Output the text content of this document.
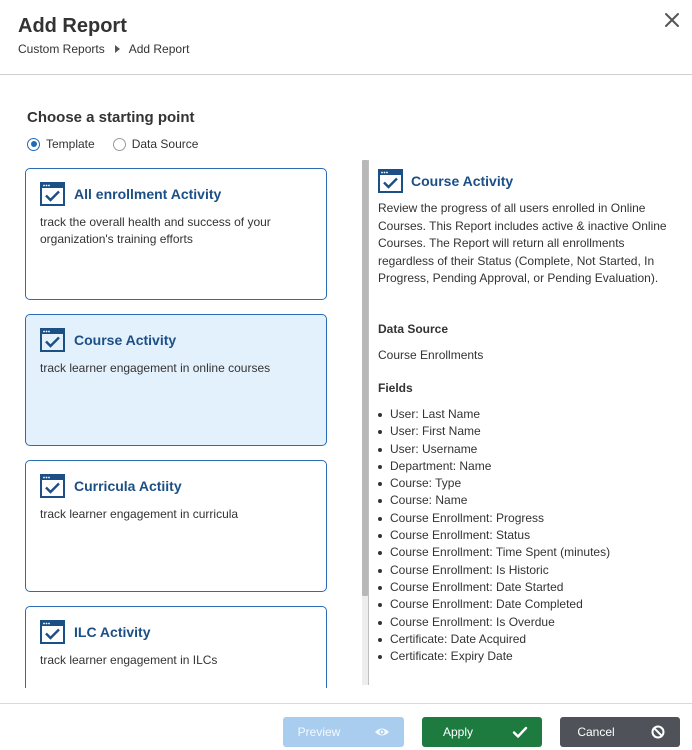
Add Report
Custom Reports Add Report
Choose a starting point
Template	Data Source
All enrollment Activity
track the overall health and success of your organization's training efforts
Course Activity
track learner engagement in online courses
Curricula Actiity
track learner engagement in curricula
ILC Activity
track learner engagement in ILCs
Course Activity
Review the progress of all users enrolled in Online Courses. This Report includes active & inactive Online Courses. The Report will return all enrollments regardless of their Status (Complete, Not Started, In Progress, Pending Approval, or Pending Evaluation).
Data Source
Course Enrollments
Fields
User: Last Name
User: First Name
User: Username
Department: Name
Course: Type
Course: Name
Course Enrollment: Progress
Course Enrollment: Status
Course Enrollment: Time Spent (minutes)
Course Enrollment: Is Historic
Course Enrollment: Date Started
Course Enrollment: Date Completed
Course Enrollment: Is Overdue
Certificate: Date Acquired
Certificate: Expiry Date
Preview	Apply	Cancel
